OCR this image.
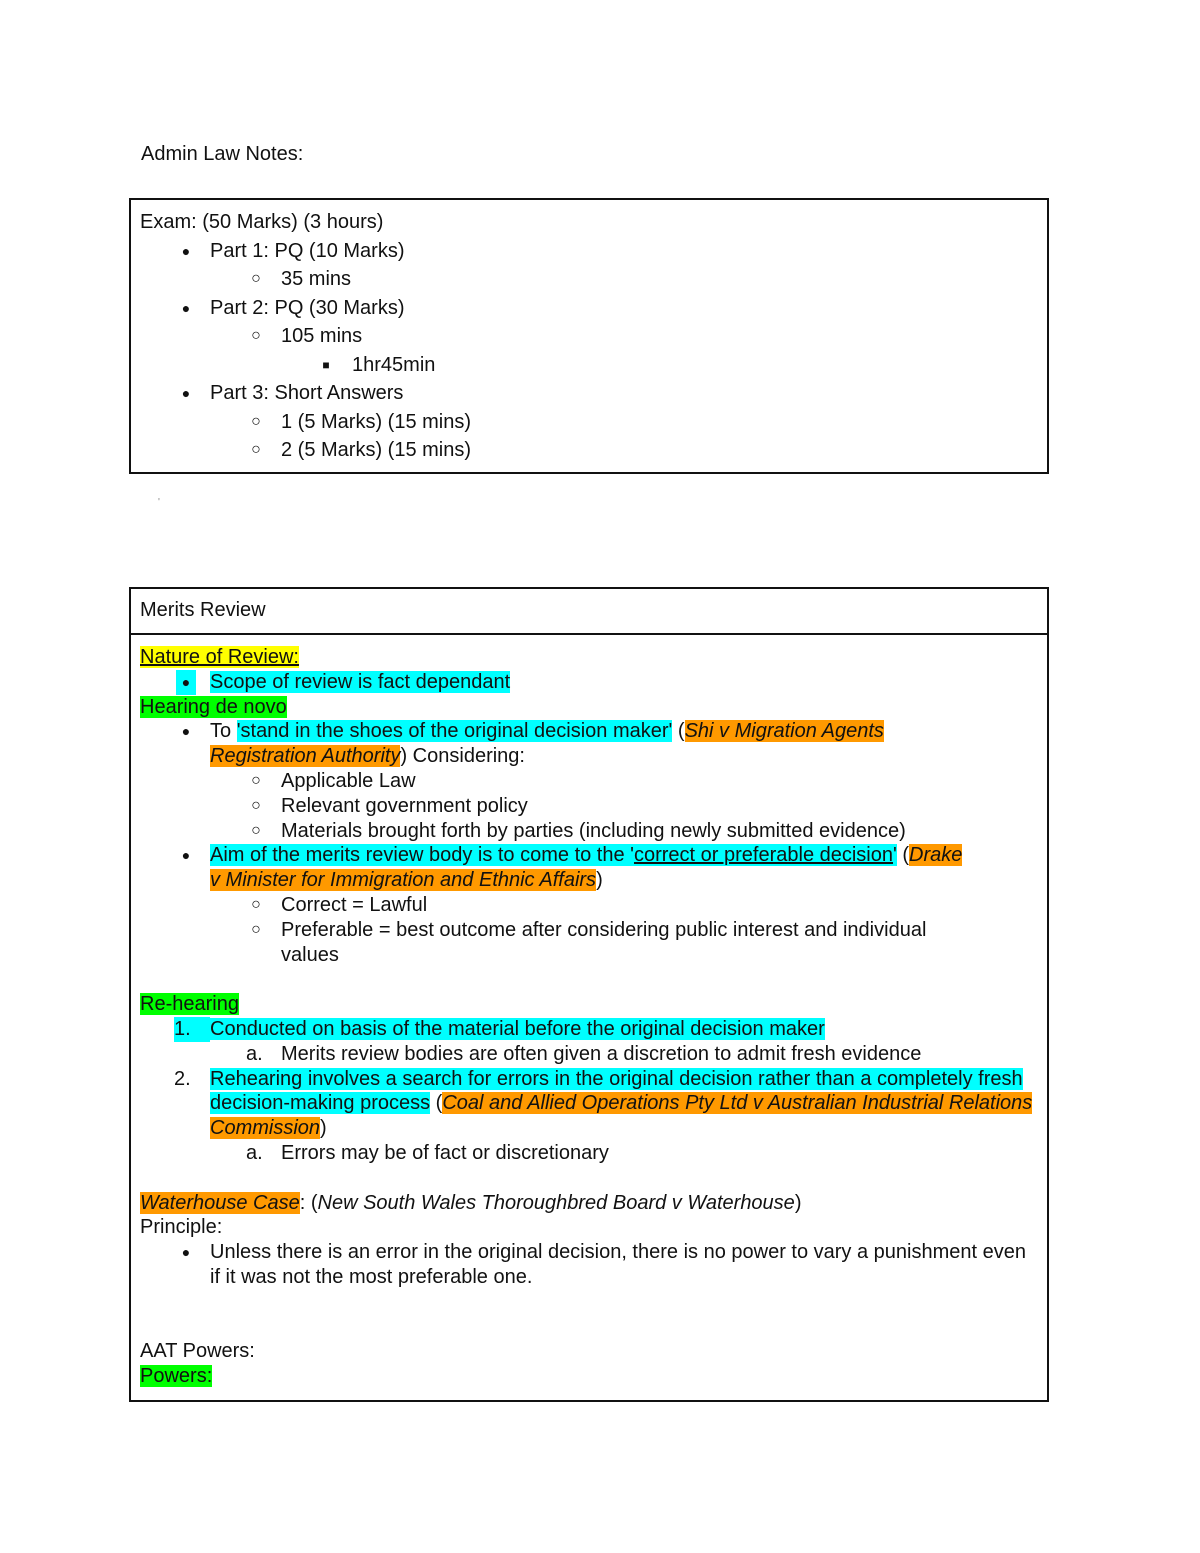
Admin Law Notes:
Exam: (50 Marks) (3 hours)
● Part 1: PQ (10 Marks)
○ 35 mins
● Part 2: PQ (30 Marks)
○ 105 mins
■	1hr45min
● Part 3: Short Answers
○ 1 (5 Marks) (15 mins)
○ 2 (5 Marks) (15 mins)
'
Merits Review
Nature of Review:
● Scope of review is fact dependant
Hearing de novo
● To 'stand in the shoes of the original decision maker' (Shi v Migration Agents
Registration Authority) Considering:
○ Applicable Law
○ Relevant government policy
○ Materials brought forth by parties (including newly submitted evidence)
● Aim of the merits review body is to come to the 'correct or preferable decision' (Drake
v Minister for Immigration and Ethnic Affairs)
○ Correct = Lawful
○ Preferable = best outcome after considering public interest and individual values
Re-hearing
1. Conducted on basis of the material before the original decision maker
a. Merits review bodies are often given a discretion to admit fresh evidence
2. Rehearing involves a search for errors in the original decision rather than a completely fresh decision-making process (Coal and Allied Operations Pty Ltd v Australian Industrial Relations Commission)
a. Errors may be of fact or discretionary
Waterhouse Case: (New South Wales Thoroughbred Board v Waterhouse)
Principle:
● Unless there is an error in the original decision, there is no power to vary a punishment even if it was not the most preferable one.
AAT Powers:
Powers:
